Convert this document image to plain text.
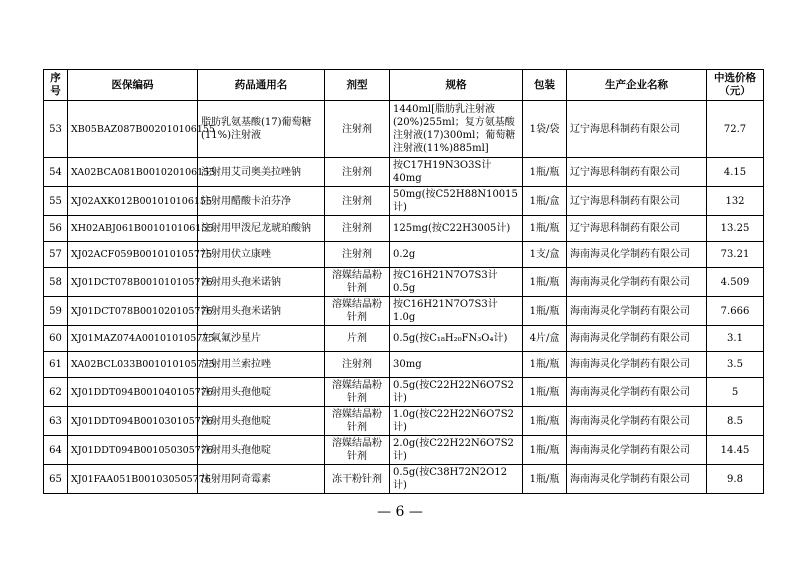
序号	医保编码	药品通用名	剂型	规格	包装	生产企业名称	中选价格（元）
53	XB05BAZ087B002010106155	脂肪乳氨基酸(17)葡萄糖(11%)注射液	注射剂	1440ml[脂肪乳注射液(20%)255ml；复方氨基酸注射液(17)300ml；葡萄糖注射液(11%)885ml]	1袋/袋	辽宁海思科制药有限公司	72.7
54	XA02BCA081B001020106155	注射用艾司奥美拉唑钠	注射剂	按C17H19N3O3S计40mg	1瓶/瓶	辽宁海思科制药有限公司	4.15
55	XJ02AXK012B001010106155	注射用醋酸卡泊芬净	注射剂	50mg(按C52H88N10015计)	1瓶/盒	辽宁海思科制药有限公司	132
56	XH02ABJ061B001010106155	注射用甲泼尼龙琥珀酸钠	注射剂	125mg(按C22H3005计)	1瓶/瓶	辽宁海思科制药有限公司	13.25
57	XJ02ACF059B001010105775	注射用伏立康唑	注射剂	0.2g	1支/盒	海南海灵化学制药有限公司	73.21
58	XJ01DCT078B001010105776	注射用头孢米诺钠	溶媒结晶粉针剂	按C16H21N7O7S3计0.5g	1瓶/瓶	海南海灵化学制药有限公司	4.509
59	XJ01DCT078B001020105776	注射用头孢米诺钠	溶媒结晶粉针剂	按C16H21N7O7S3计1.0g	1瓶/瓶	海南海灵化学制药有限公司	7.666
60	XJ01MAZ074A001010105775	左氧氟沙星片	片剂	0.5g(按C₁₈H₂₀FN₃O₄计)	4片/盒	海南海灵化学制药有限公司	3.1
61	XA02BCL033B001010105775	注射用兰索拉唑	注射剂	30mg	1瓶/瓶	海南海灵化学制药有限公司	3.5
62	XJ01DDT094B001040105776	注射用头孢他啶	溶媒结晶粉针剂	0.5g(按C22H22N6O7S2计)	1瓶/瓶	海南海灵化学制药有限公司	5
63	XJ01DDT094B001030105776	注射用头孢他啶	溶媒结晶粉针剂	1.0g(按C22H22N6O7S2计)	1瓶/瓶	海南海灵化学制药有限公司	8.5
64	XJ01DDT094B001050305776	注射用头孢他啶	溶媒结晶粉针剂	2.0g(按C22H22N6O7S2计)	1瓶/瓶	海南海灵化学制药有限公司	14.45
65	XJ01FAA051B001030505776	注射用阿奇霉素	冻干粉针剂	0.5g(按C38H72N2O12计)	1瓶/瓶	海南海灵化学制药有限公司	9.8
— 6 —
